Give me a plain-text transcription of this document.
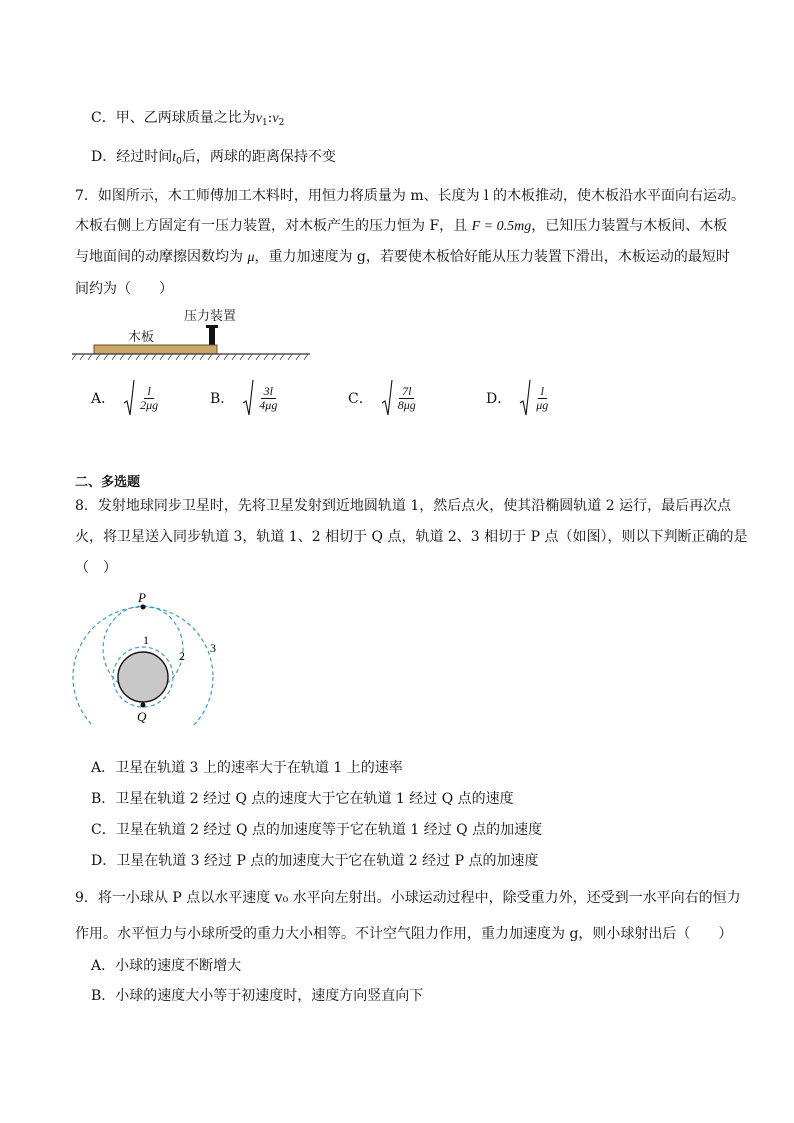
C．甲、乙两球质量之比为$v_1:v_2$
D．经过时间$t_0$后，两球的距离保持不变
7．如图所示，木工师傅加工木料时，用恒力将质量为 m、长度为 l 的木板推动，使木板沿水平面向右运动。
木板右侧上方固定有一压力装置，对木板产生的压力恒为 F，且 F = 0.5mg，已知压力装置与木板间、木板
与地面间的动摩擦因数均为 μ，重力加速度为 g，若要使木板恰好能从压力装置下滑出，木板运动的最短时
间约为（　　）
压力装置
木板
A． $\frac{l}{2\mu g}$	B． $\frac{3l}{4\mu g}$	C． $\frac{7l}{8\mu g}$	D． $\frac{l}{\mu g}$
二、多选题
8．发射地球同步卫星时，先将卫星发射到近地圆轨道 1，然后点火，使其沿椭圆轨道 2 运行，最后再次点
火，将卫星送入同步轨道 3，轨道 1、2 相切于 Q 点，轨道 2、3 相切于 P 点（如图），则以下判断正确的是
（　）
P
Q
1
2
3
A．卫星在轨道 3 上的速率大于在轨道 1 上的速率
B．卫星在轨道 2 经过 Q 点的速度大于它在轨道 1 经过 Q 点的速度
C．卫星在轨道 2 经过 Q 点的加速度等于它在轨道 1 经过 Q 点的加速度
D．卫星在轨道 3 经过 P 点的加速度大于它在轨道 2 经过 P 点的加速度
9．将一小球从 P 点以水平速度 v₀ 水平向左射出。小球运动过程中，除受重力外，还受到一水平向右的恒力
作用。水平恒力与小球所受的重力大小相等。不计空气阻力作用，重力加速度为 g，则小球射出后（　　）
A．小球的速度不断增大
B．小球的速度大小等于初速度时，速度方向竖直向下
